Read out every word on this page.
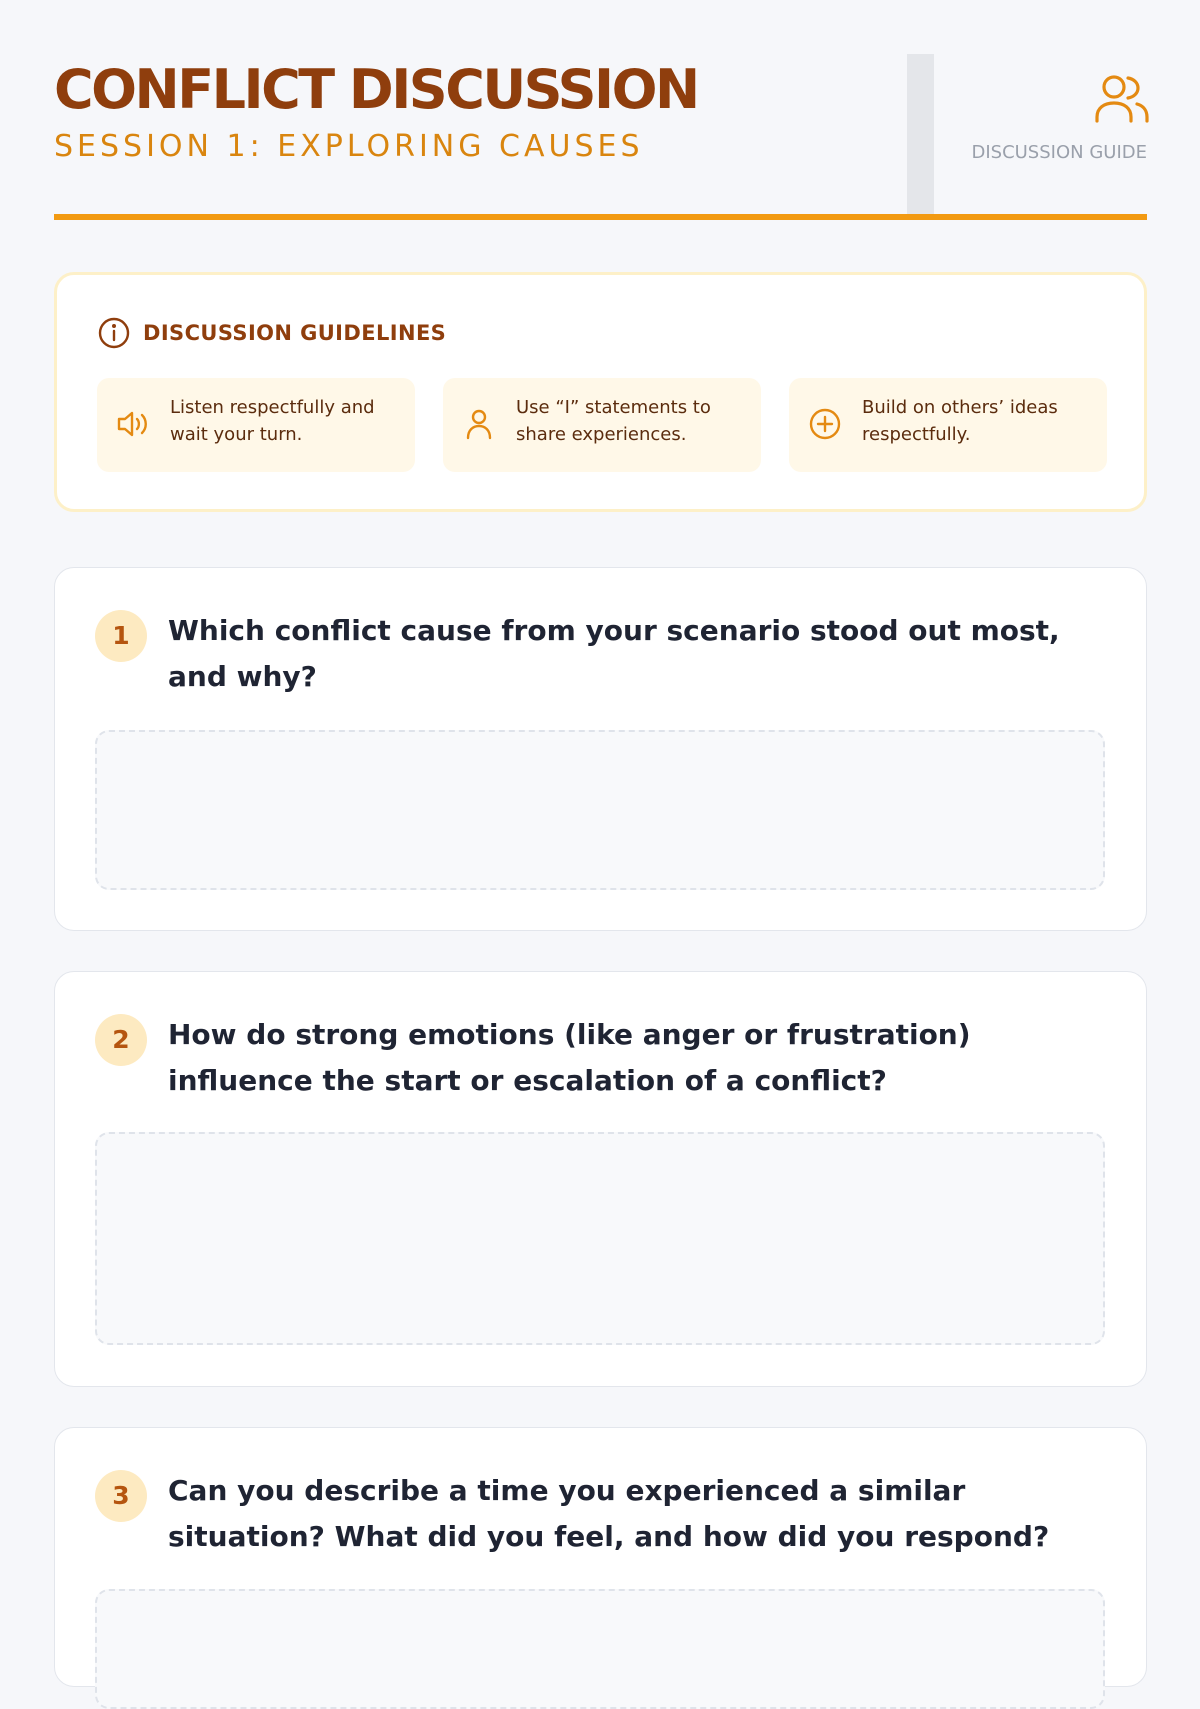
CONFLICT DISCUSSION
SESSION 1: EXPLORING CAUSES	DISCUSSION GUIDE
DISCUSSION GUIDELINES
Listen respectfully and wait your turn.
Use “I” statements to share experiences.
Build on others’ ideas respectfully.
1	Which conflict cause from your scenario stood out most, and why?
2	How do strong emotions (like anger or frustration) influence the start or escalation of a conflict?
3	Can you describe a time you experienced a similar situation? What did you feel, and how did you respond?
